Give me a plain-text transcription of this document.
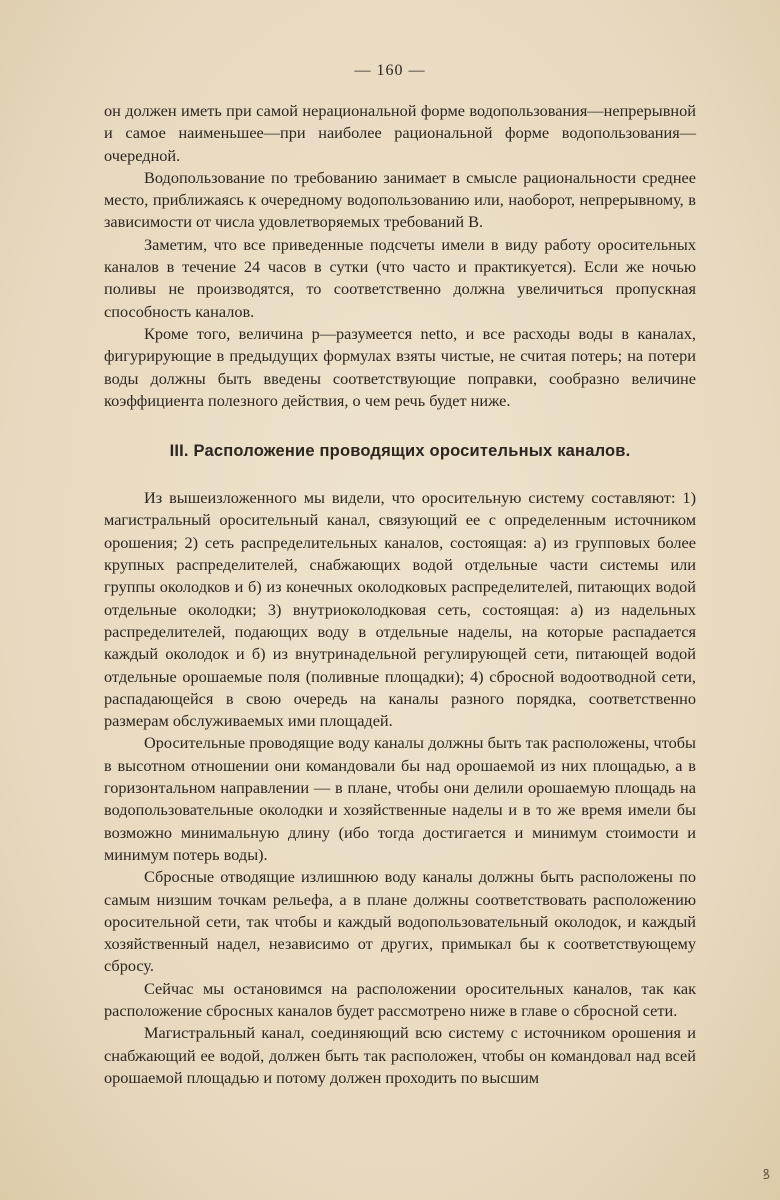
— 160 —

он должен иметь при самой нерациональной форме водопользования—непрерывной и самое наименьшее—при наиболее рациональной форме водопользования—очередной.

Водопользование по требованию занимает в смысле рациональности среднее место, приближаясь к очередному водопользованию или, наоборот, непрерывному, в зависимости от числа удовлетворяемых требований В.

Заметим, что все приведенные подсчеты имели в виду работу оросительных каналов в течение 24 часов в сутки (что часто и практикуется). Если же ночью поливы не производятся, то соответственно должна увеличиться пропускная способность каналов.

Кроме того, величина p—разумеется netto, и все расходы воды в каналах, фигурирующие в предыдущих формулах взяты чистые, не считая потерь; на потери воды должны быть введены соответствующие поправки, сообразно величине коэффициента полезного действия, о чем речь будет ниже.

III. Расположение проводящих оросительных каналов.

Из вышеизложенного мы видели, что оросительную систему составляют: 1) магистральный оросительный канал, связующий ее с определенным источником орошения; 2) сеть распределительных каналов, состоящая: а) из групповых более крупных распределителей, снабжающих водой отдельные части системы или группы околодков и б) из конечных околодковых распределителей, питающих водой отдельные околодки; 3) внутриоколодковая сеть, состоящая: а) из надельных распределителей, подающих воду в отдельные наделы, на которые распадается каждый околодок и б) из внутринадельной регулирующей сети, питающей водой отдельные орошаемые поля (поливные площадки); 4) сбросной водоотводной сети, распадающейся в свою очередь на каналы разного порядка, соответственно размерам обслуживаемых ими площадей.

Оросительные проводящие воду каналы должны быть так расположены, чтобы в высотном отношении они командовали бы над орошаемой из них площадью, а в горизонтальном направлении — в плане, чтобы они делили орошаемую площадь на водопользовательные околодки и хозяйственные наделы и в то же время имели бы возможно минимальную длину (ибо тогда достигается и минимум стоимости и минимум потерь воды).

Сбросные отводящие излишнюю воду каналы должны быть расположены по самым низшим точкам рельефа, а в плане должны соответствовать расположению оросительной сети, так чтобы и каждый водопользовательный околодок, и каждый хозяйственный надел, независимо от других, примыкал бы к соответствующему сбросу.

Сейчас мы остановимся на расположении оросительных каналов, так как расположение сбросных каналов будет рассмотрено ниже в главе о сбросной сети.

Магистральный канал, соединяющий всю систему с источником орошения и снабжающий ее водой, должен быть так расположен, чтобы он командовал над всей орошаемой площадью и потому должен проходить по высшим

ꝸ
